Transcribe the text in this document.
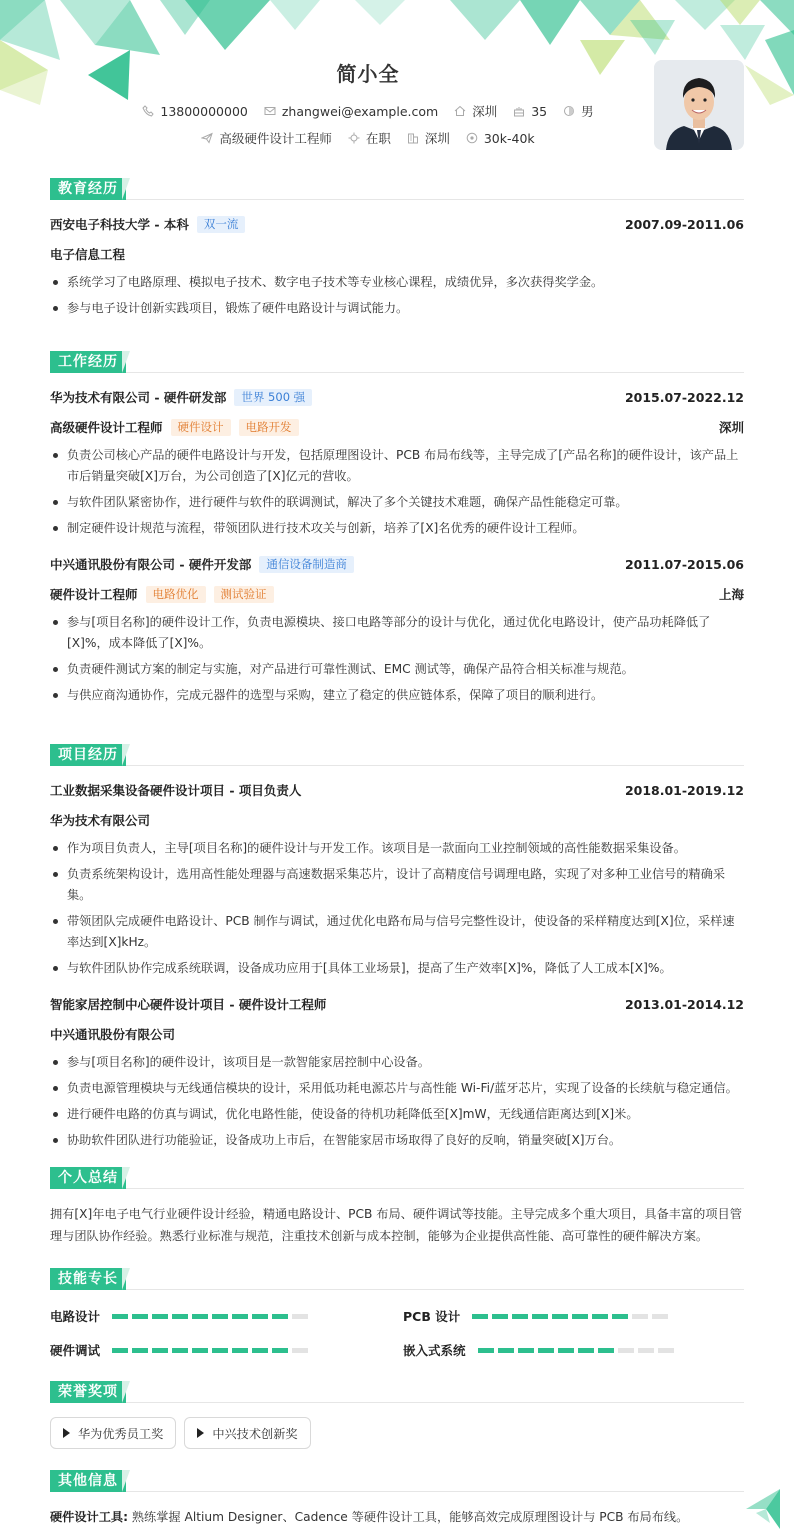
简小全
13800000000
	zhangwei@example.com
	深圳
	35
	男
高级硬件设计工程师
	在职
	深圳
	30k-40k
教育经历
西安电子科技大学 - 本科	双一流	2007.09-2011.06
电子信息工程
系统学习了电路原理、模拟电子技术、数字电子技术等专业核心课程，成绩优异，多次获得奖学金。
参与电子设计创新实践项目，锻炼了硬件电路设计与调试能力。
工作经历
华为技术有限公司 - 硬件研发部	世界 500 强	2015.07-2022.12
高级硬件设计工程师	硬件设计	电路开发	深圳
负责公司核心产品的硬件电路设计与开发，包括原理图设计、PCB 布局布线等，主导完成了[产品名称]的硬件设计，该产品上市后销量突破[X]万台，为公司创造了[X]亿元的营收。
与软件团队紧密协作，进行硬件与软件的联调测试，解决了多个关键技术难题，确保产品性能稳定可靠。
制定硬件设计规范与流程，带领团队进行技术攻关与创新，培养了[X]名优秀的硬件设计工程师。
中兴通讯股份有限公司 - 硬件开发部	通信设备制造商	2011.07-2015.06
硬件设计工程师	电路优化	测试验证	上海
参与[项目名称]的硬件设计工作，负责电源模块、接口电路等部分的设计与优化，通过优化电路设计，使产品功耗降低了[X]%，成本降低了[X]%。
负责硬件测试方案的制定与实施，对产品进行可靠性测试、EMC 测试等，确保产品符合相关标准与规范。
与供应商沟通协作，完成元器件的选型与采购，建立了稳定的供应链体系，保障了项目的顺利进行。
项目经历
工业数据采集设备硬件设计项目 - 项目负责人	2018.01-2019.12
华为技术有限公司
作为项目负责人，主导[项目名称]的硬件设计与开发工作。该项目是一款面向工业控制领域的高性能数据采集设备。
负责系统架构设计，选用高性能处理器与高速数据采集芯片，设计了高精度信号调理电路，实现了对多种工业信号的精确采集。
带领团队完成硬件电路设计、PCB 制作与调试，通过优化电路布局与信号完整性设计，使设备的采样精度达到[X]位，采样速率达到[X]kHz。
与软件团队协作完成系统联调，设备成功应用于[具体工业场景]，提高了生产效率[X]%，降低了人工成本[X]%。
智能家居控制中心硬件设计项目 - 硬件设计工程师	2013.01-2014.12
中兴通讯股份有限公司
参与[项目名称]的硬件设计，该项目是一款智能家居控制中心设备。
负责电源管理模块与无线通信模块的设计，采用低功耗电源芯片与高性能 Wi-Fi/蓝牙芯片，实现了设备的长续航与稳定通信。
进行硬件电路的仿真与调试，优化电路性能，使设备的待机功耗降低至[X]mW，无线通信距离达到[X]米。
协助软件团队进行功能验证，设备成功上市后，在智能家居市场取得了良好的反响，销量突破[X]万台。
个人总结
拥有[X]年电子电气行业硬件设计经验，精通电路设计、PCB 布局、硬件调试等技能。主导完成多个重大项目，具备丰富的项目管理与团队协作经验。熟悉行业标准与规范，注重技术创新与成本控制，能够为企业提供高性能、高可靠性的硬件解决方案。
技能专长
电路设计	PCB 设计
硬件调试	嵌入式系统
荣誉奖项
华为优秀员工奖	中兴技术创新奖
其他信息
硬件设计工具: 熟练掌握 Altium Designer、Cadence 等硬件设计工具，能够高效完成原理图设计与 PCB 布局布线。
